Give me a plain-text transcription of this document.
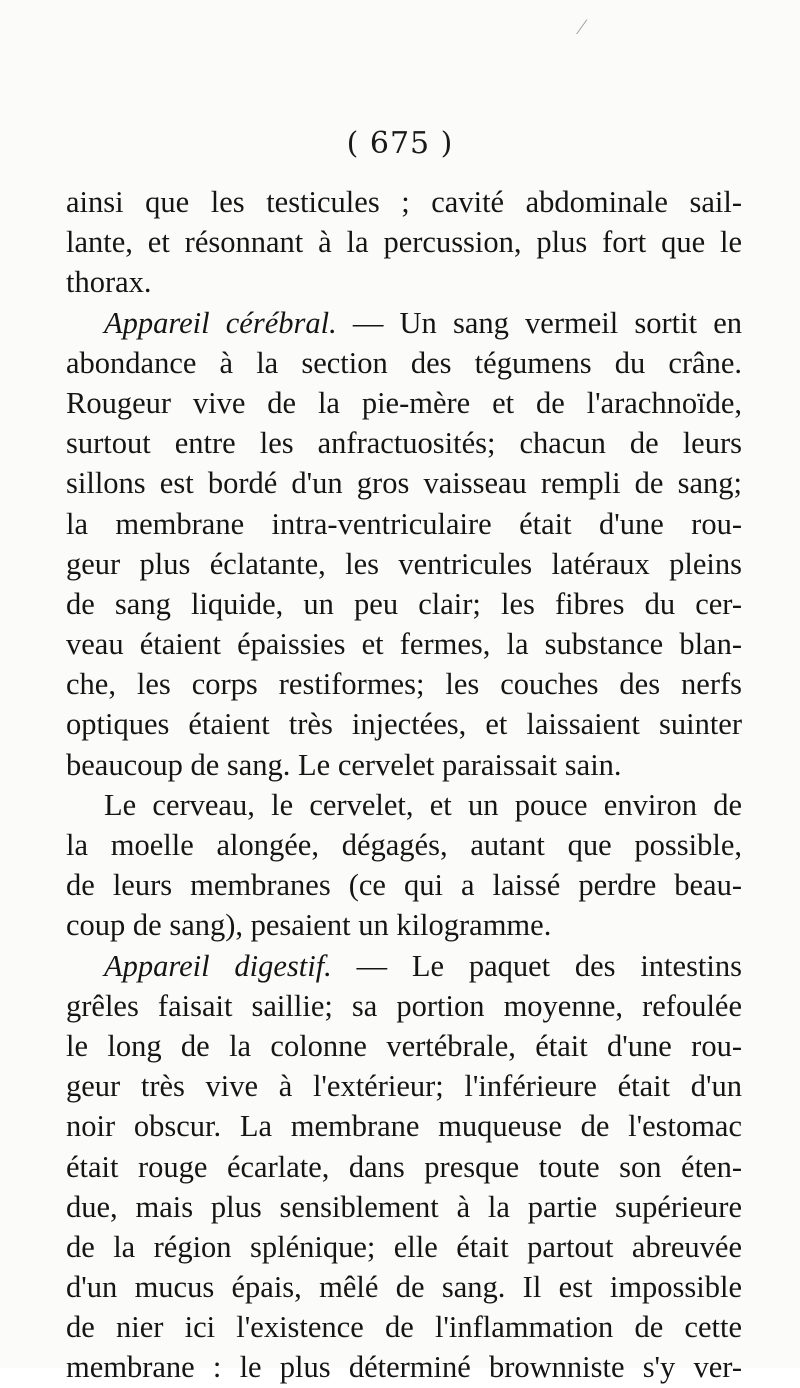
⁄
( 675 )
ainsi que les testicules ; cavité abdominale sail-
lante, et résonnant à la percussion, plus fort que le
thorax.
Appareil cérébral. — Un sang vermeil sortit en
abondance à la section des tégumens du crâne.
Rougeur vive de la pie-mère et de l'arachnoïde,
surtout entre les anfractuosités; chacun de leurs
sillons est bordé d'un gros vaisseau rempli de sang;
la membrane intra-ventriculaire était d'une rou-
geur plus éclatante, les ventricules latéraux pleins
de sang liquide, un peu clair; les fibres du cer-
veau étaient épaissies et fermes, la substance blan-
che, les corps restiformes; les couches des nerfs
optiques étaient très injectées, et laissaient suinter
beaucoup de sang. Le cervelet paraissait sain.
Le cerveau, le cervelet, et un pouce environ de
la moelle alongée, dégagés, autant que possible,
de leurs membranes (ce qui a laissé perdre beau-
coup de sang), pesaient un kilogramme.
Appareil digestif. — Le paquet des intestins
grêles faisait saillie; sa portion moyenne, refoulée
le long de la colonne vertébrale, était d'une rou-
geur très vive à l'extérieur; l'inférieure était d'un
noir obscur. La membrane muqueuse de l'estomac
était rouge écarlate, dans presque toute son éten-
due, mais plus sensiblement à la partie supérieure
de la région splénique; elle était partout abreuvée
d'un mucus épais, mêlé de sang. Il est impossible
de nier ici l'existence de l'inflammation de cette
membrane : le plus déterminé brownniste s'y ver-
